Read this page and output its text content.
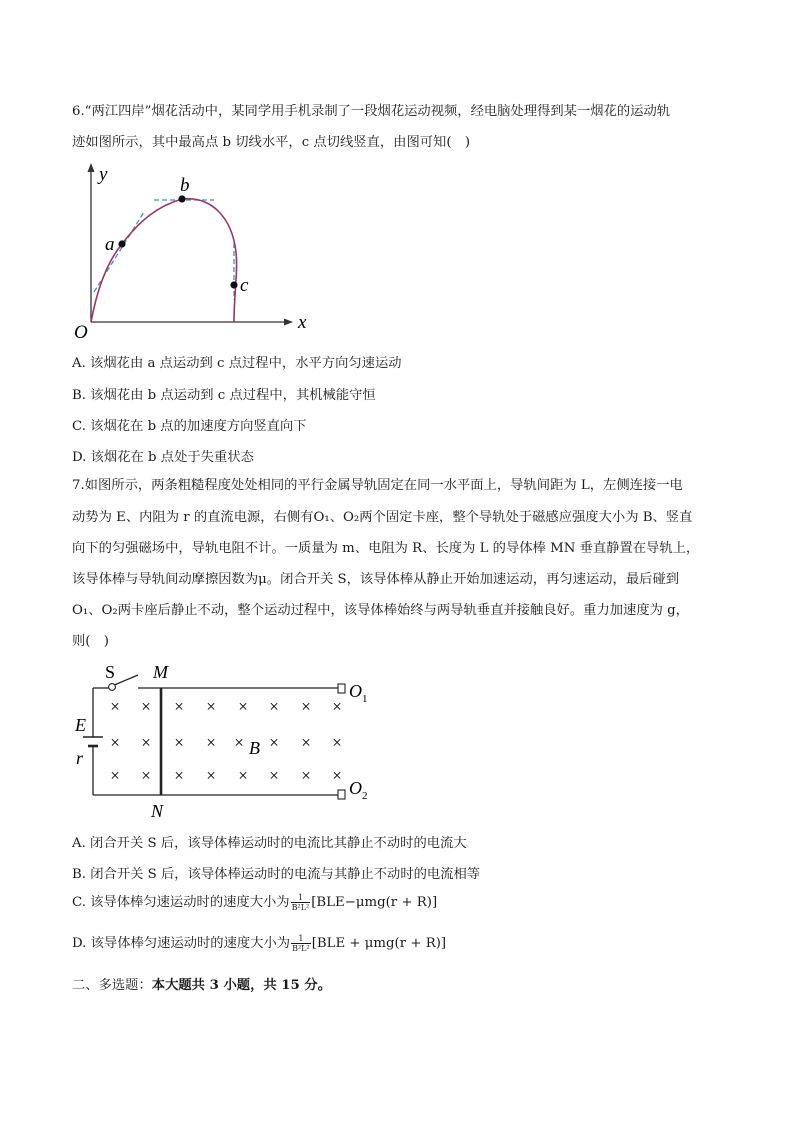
6.“两江四岸”烟花活动中，某同学用手机录制了一段烟花运动视频，经电脑处理得到某一烟花的运动轨
迹如图所示，其中最高点 b 切线水平，c 点切线竖直，由图可知(　)
y
x
O
a
b
c
A. 该烟花由 a 点运动到 c 点过程中，水平方向匀速运动
B. 该烟花由 b 点运动到 c 点过程中，其机械能守恒
C. 该烟花在 b 点的加速度方向竖直向下
D. 该烟花在 b 点处于失重状态
7.如图所示，两条粗糙程度处处相同的平行金属导轨固定在同一水平面上，导轨间距为 L，左侧连接一电
动势为 E、内阻为 r 的直流电源，右侧有O₁、O₂两个固定卡座，整个导轨处于磁感应强度大小为 B、竖直
向下的匀强磁场中，导轨电阻不计。一质量为 m、电阻为 R、长度为 L 的导体棒 MN 垂直静置在导轨上，
该导体棒与导轨间动摩擦因数为μ。闭合开关 S，该导体棒从静止开始加速运动，再匀速运动，最后碰到
O₁、O₂两卡座后静止不动，整个运动过程中，该导体棒始终与两导轨垂直并接触良好。重力加速度为 g，
则(　)
× × × × × × × ×
× × × × × × × ×
× × × × × × × ×
S M
N
E
r	B
$O_1$
$O_2$
A. 闭合开关 S 后，该导体棒运动时的电流比其静止不动时的电流大
B. 闭合开关 S 后，该导体棒运动时的电流与其静止不动时的电流相等
C. 该导体棒匀速运动时的速度大小为 $\frac{1}{\text{B²L²}} [BLE-\mu mg(r + R)]$
D. 该导体棒匀速运动时的速度大小为 $\frac{1}{\text{B²L²}} [BLE + \mu mg(r + R)]$
二、多选题：本大题共 3 小题，共 15 分。
